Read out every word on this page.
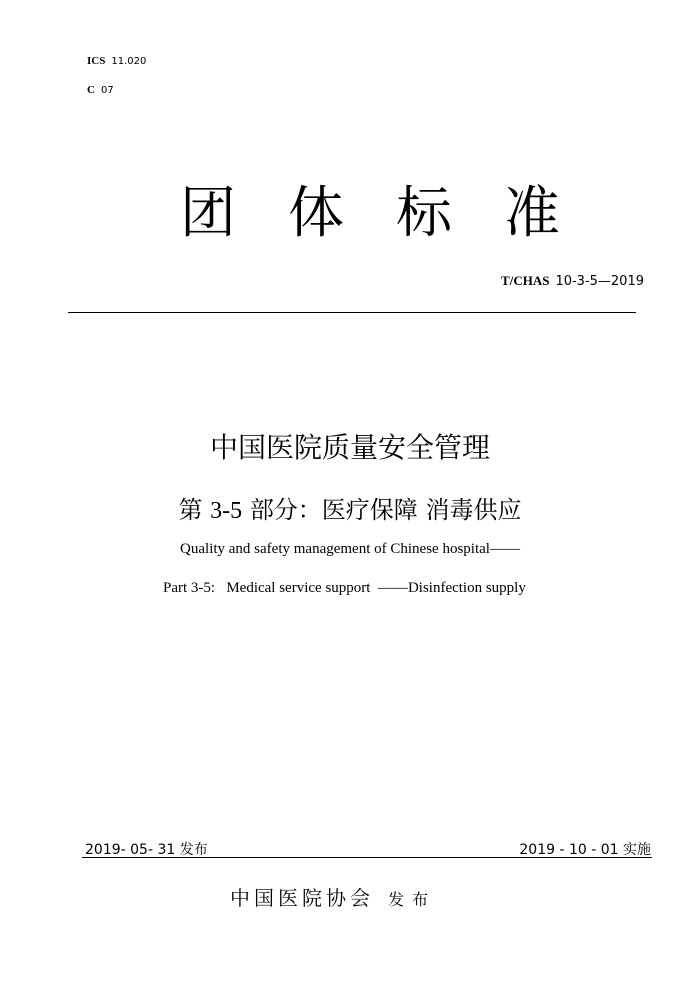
ICS 11.020
C 07
团 体 标 准
T/CHAS 10-3-5—2019
中国医院质量安全管理
第 3-5 部分：医疗保障 消毒供应
Quality and safety management of Chinese hospital——
Part 3-5:   Medical service support  ——Disinfection supply
2019- 05- 31 发布	2019 - 10 - 01 实施
中国医院协会 发布
